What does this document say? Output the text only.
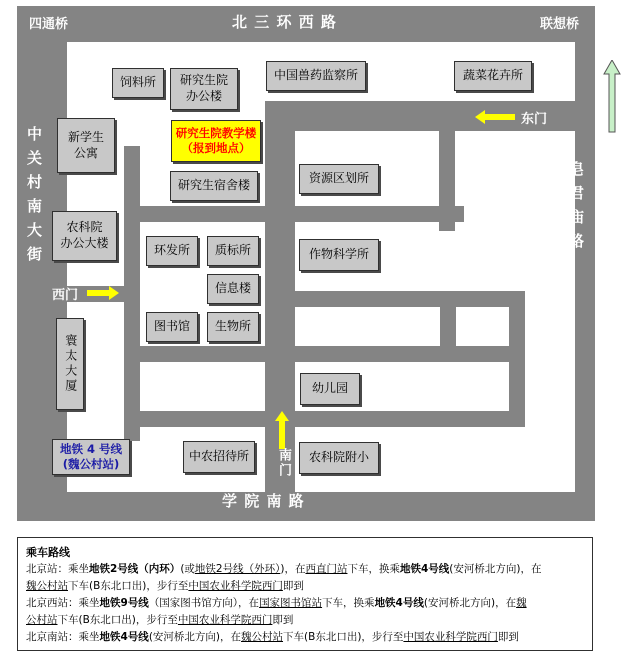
北 三 环 西 路
学 院 南 路
中关村南大街	皂君庙路
四通桥	联想桥
东门
西门
南门
饲料所 研究生院
办公楼
中国兽药监察所	蔬菜花卉所
研究生院教学楼
（报到地点）
新学生
公寓
研究生宿舍楼	资源区划所
农科院
办公大楼
环发所 质标所	作物科学所
信息楼
图书馆 生物所
寰太大厦	幼儿园
地铁 4 号线
(魏公村站)
中农招待所	农科院附小
乘车路线
北京站：乘坐地铁2号线（内环）(或地铁2号线（外环）)，在西直门站下车，换乘地铁4号线(安河桥北方向)，在
魏公村站下车(B东北口出)，步行至中国农业科学院西门即到
北京西站：乘坐地铁9号线（国家图书馆方向），在国家图书馆站下车，换乘地铁4号线(安河桥北方向)，在魏
公村站下车(B东北口出)，步行至中国农业科学院西门即到
北京南站：乘坐地铁4号线(安河桥北方向)，在魏公村站下车(B东北口出)，步行至中国农业科学院西门即到
